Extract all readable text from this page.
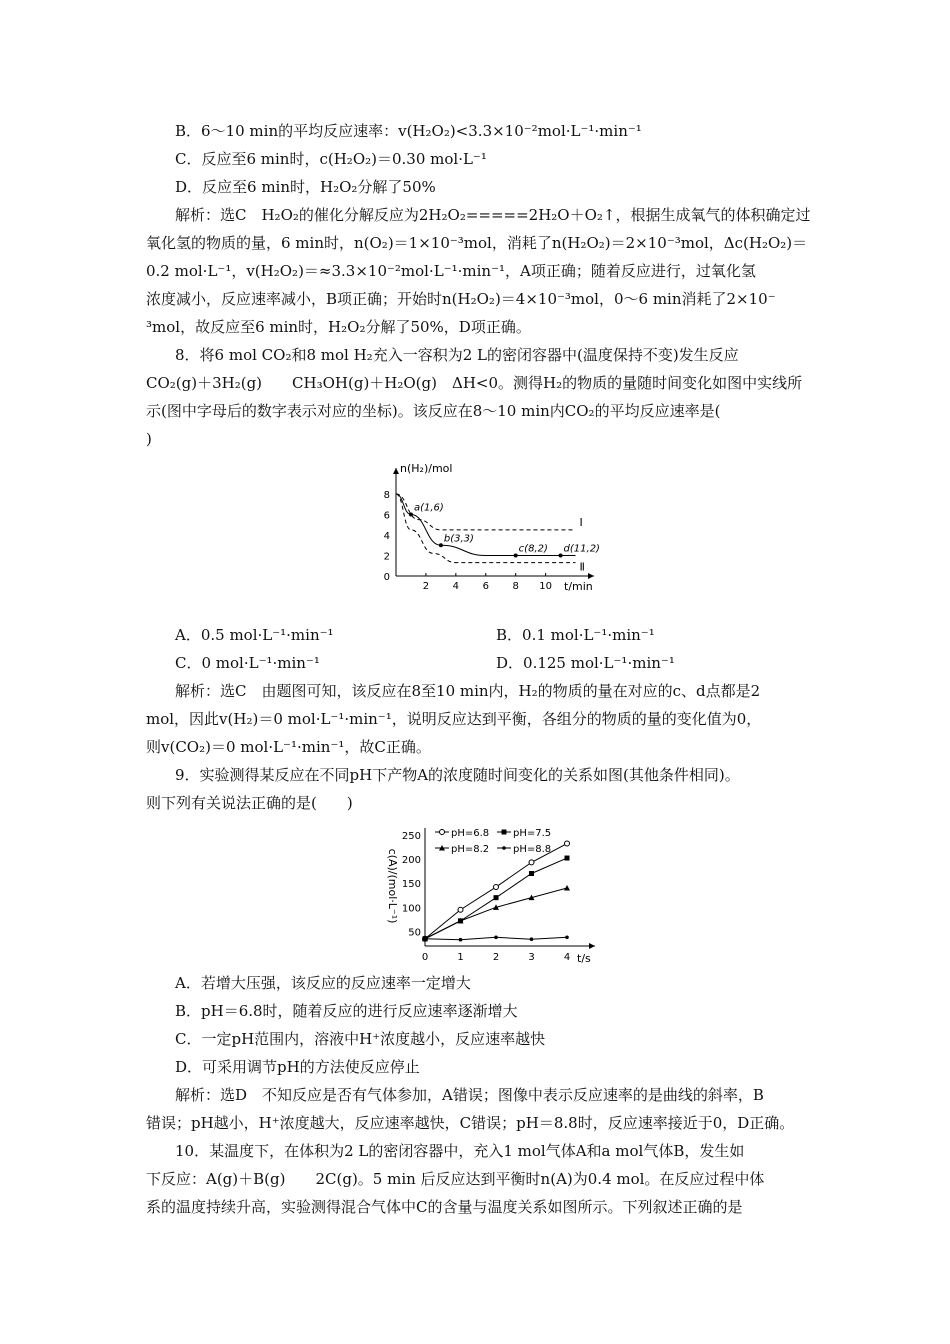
B．6～10 min的平均反应速率：v(H₂O₂)<3.3×10⁻²mol·L⁻¹·min⁻¹
C．反应至6 min时，c(H₂O₂)＝0.30 mol·L⁻¹
D．反应至6 min时，H₂O₂分解了50%
解析：选C　H₂O₂的催化分解反应为2H₂O₂=====2H₂O＋O₂↑，根据生成氧气的体积确定过
氧化氢的物质的量，6 min时，n(O₂)＝1×10⁻³mol，消耗了n(H₂O₂)＝2×10⁻³mol，Δc(H₂O₂)＝
0.2 mol·L⁻¹，v(H₂O₂)＝≈3.3×10⁻²mol·L⁻¹·min⁻¹，A项正确；随着反应进行，过氧化氢
浓度减小，反应速率减小，B项正确；开始时n(H₂O₂)＝4×10⁻³mol，0～6 min消耗了2×10⁻
³mol，故反应至6 min时，H₂O₂分解了50%，D项正确。
8．将6 mol CO₂和8 mol H₂充入一容积为2 L的密闭容器中(温度保持不变)发生反应
CO₂(g)＋3H₂(g)　　CH₃OH(g)＋H₂O(g)　ΔH<0。测得H₂的物质的量随时间变化如图中实线所
示(图中字母后的数字表示对应的坐标)。该反应在8～10 min内CO₂的平均反应速率是(
)
n(H₂)/mol
t/min
2 4 6 8 10
0
2
4
6
8
Ⅰ
Ⅱ
a(1,6)
b(3,3)
c(8,2) d(11,2)
A．0.5 mol·L⁻¹·min⁻¹	B．0.1 mol·L⁻¹·min⁻¹
C．0 mol·L⁻¹·min⁻¹	D．0.125 mol·L⁻¹·min⁻¹
解析：选C　由题图可知，该反应在8至10 min内，H₂的物质的量在对应的c、d点都是2
mol，因此v(H₂)＝0 mol·L⁻¹·min⁻¹，说明反应达到平衡，各组分的物质的量的变化值为0，
则v(CO₂)＝0 mol·L⁻¹·min⁻¹，故C正确。
9．实验测得某反应在不同pH下产物A的浓度随时间变化的关系如图(其他条件相同)。
则下列有关说法正确的是(　　)
c(A)/(mol·L⁻¹)
t/s
0	1	2	3	4
50
100
150
200
250	pH=6.8 pH=7.5
pH=8.2 pH=8.8
A．若增大压强，该反应的反应速率一定增大
B．pH＝6.8时，随着反应的进行反应速率逐渐增大
C．一定pH范围内，溶液中H⁺浓度越小，反应速率越快
D．可采用调节pH的方法使反应停止
解析：选D　不知反应是否有气体参加，A错误；图像中表示反应速率的是曲线的斜率，B
错误；pH越小，H⁺浓度越大，反应速率越快，C错误；pH＝8.8时，反应速率接近于0，D正确。
10．某温度下，在体积为2 L的密闭容器中，充入1 mol气体A和a mol气体B，发生如
下反应：A(g)＋B(g)　　2C(g)。5 min 后反应达到平衡时n(A)为0.4 mol。在反应过程中体
系的温度持续升高，实验测得混合气体中C的含量与温度关系如图所示。下列叙述正确的是
